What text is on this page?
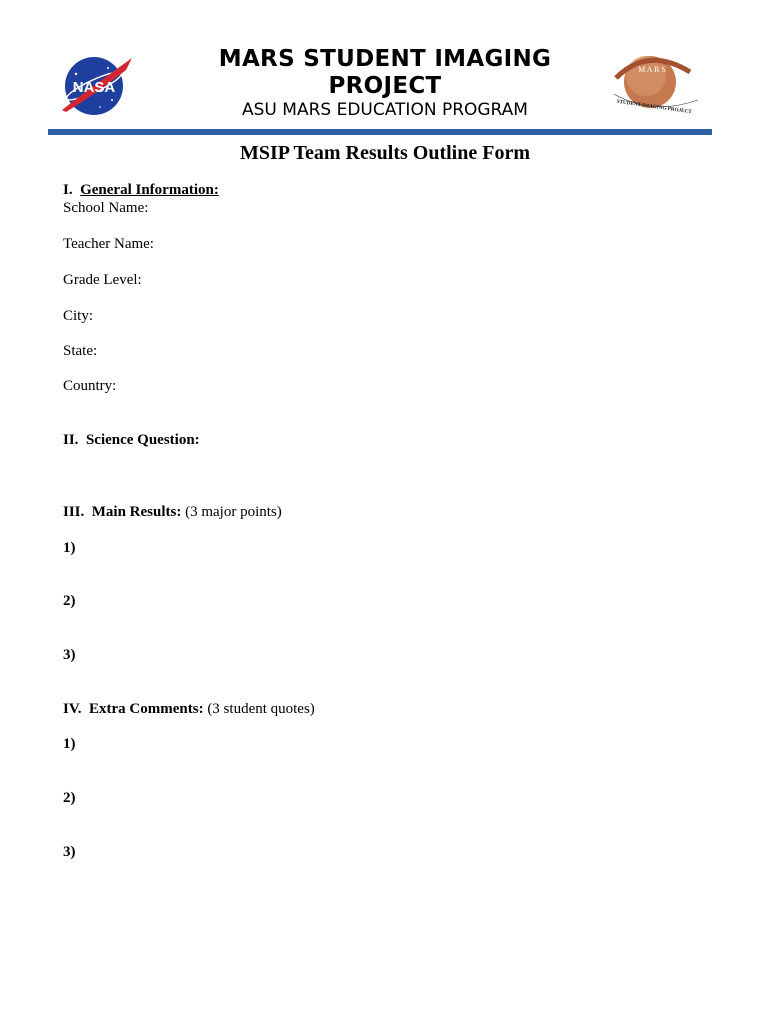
NASA
M A R S
STUDENT IMAGING PROJECT
MARS STUDENT IMAGING
PROJECT
ASU MARS EDUCATION PROGRAM
MSIP Team Results Outline Form
I. General Information:
School Name:
Teacher Name:
Grade Level:
City:
State:
Country:
II. Science Question:
III. Main Results: (3 major points)
1)
2)
3)
IV. Extra Comments: (3 student quotes)
1)
2)
3)
